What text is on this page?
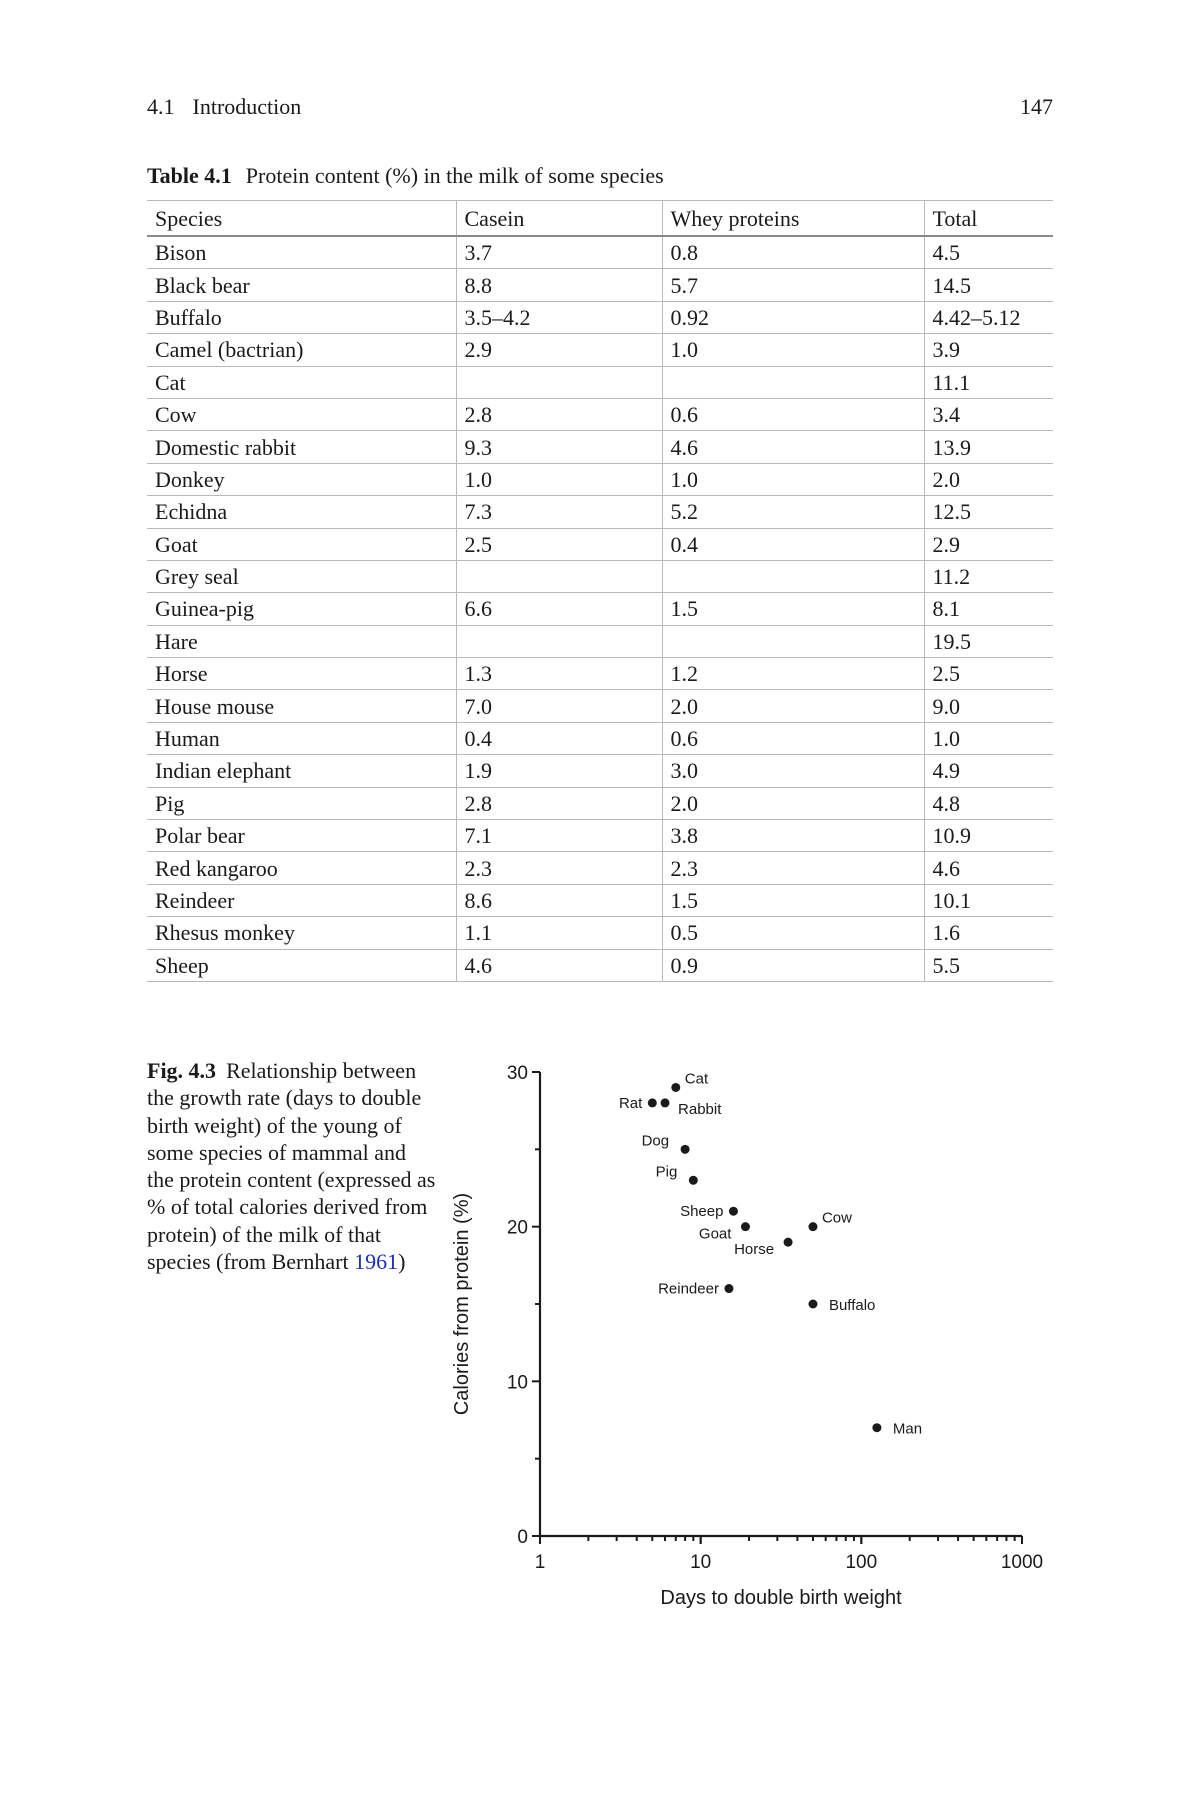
4.1 Introduction	147
Table 4.1 Protein content (%) in the milk of some species
Species	Casein	Whey proteins	Total
Bison	3.7	0.8	4.5
Black bear	8.8	5.7	14.5
Buffalo	3.5–4.2	0.92	4.42–5.12
Camel (bactrian)	2.9	1.0	3.9
Cat			11.1
Cow	2.8	0.6	3.4
Domestic rabbit	9.3	4.6	13.9
Donkey	1.0	1.0	2.0
Echidna	7.3	5.2	12.5
Goat	2.5	0.4	2.9
Grey seal			11.2
Guinea-pig	6.6	1.5	8.1
Hare			19.5
Horse	1.3	1.2	2.5
House mouse	7.0	2.0	9.0
Human	0.4	0.6	1.0
Indian elephant	1.9	3.0	4.9
Pig	2.8	2.0	4.8
Polar bear	7.1	3.8	10.9
Red kangaroo	2.3	2.3	4.6
Reindeer	8.6	1.5	10.1
Rhesus monkey	1.1	0.5	1.6
Sheep	4.6	0.9	5.5
Fig. 4.3 Relationship between the growth rate (days to double birth weight) of the young of some species of mammal and the protein content (expressed as % of total calories derived from protein) of the milk of that species (from Bernhart 1961)
0
10
20
30
1	10	100	1000
Days to double birth weight
Calories from protein (%)
Rat Rabbit
Cat
Dog
Pig
Sheep
Goat
Horse
Cow
Reindeer
Buffalo
Man
